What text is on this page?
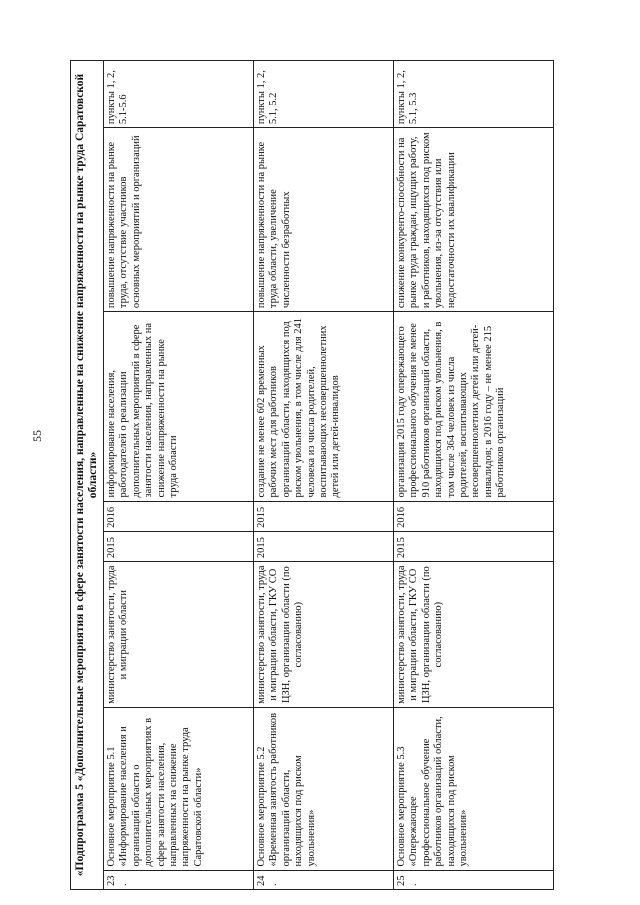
55	«Подпрограмма 5 «Дополнительные мероприятия в сфере занятости населения, направленные на снижение напряженности на рынке труда Саратовской области»							
23.	Основное мероприятие 5.1 «Информирование населения и организаций области о дополнительных мероприятиях в сфере занятости населения, направленных на снижение напряженности на рынке труда Саратовской области»	министерство занятости, труда и миграции области	2015	2016	информирование населения, работодателей о реализации дополнительных мероприятий в сфере занятости населения, направленных на снижение напряженности на рынке труда области	повышение напряженности на рынке труда, отсутствие участников основных мероприятий и организаций	пункты 1, 2, 5.1-5.6
24.	Основное мероприятие 5.2 «Временная занятость работников организаций области, находящихся под риском увольнения»	министерство занятости, труда и миграции области, ГКУ СО ЦЗН, организации области (по согласованию)	2015	2015	создание не менее 602 временных рабочих мест для работников организаций области, находящихся под риском увольнения, в том числе для 241 человека из числа родителей, воспитывающих несовершеннолетних детей или детей-инвалидов	повышение напряженности на рынке труда области, увеличение численности безработных	пункты 1, 2, 5.1, 5.2
25.	Основное мероприятие 5.3 «Опережающее профессиональное обучение работников организаций области, находящихся под риском увольнения»	министерство занятости, труда и миграции области, ГКУ СО ЦЗН, организации области (по согласованию)	2015	2016	организация 2015 году опережающего профессионального обучения не менее 910 работников организаций области, находящихся под риском увольнения, в том числе 364 человек из числа родителей, воспитывающих несовершеннолетних детей или детей-инвалидов; в 2016 году – не менее 215 работников организаций	снижение конкуренто-способности на рынке труда граждан, ищущих работу, и работников, находящихся под риском увольнения, из-за отсутствия или недостаточности их квалификации	пункты 1, 2, 5.1, 5.3
